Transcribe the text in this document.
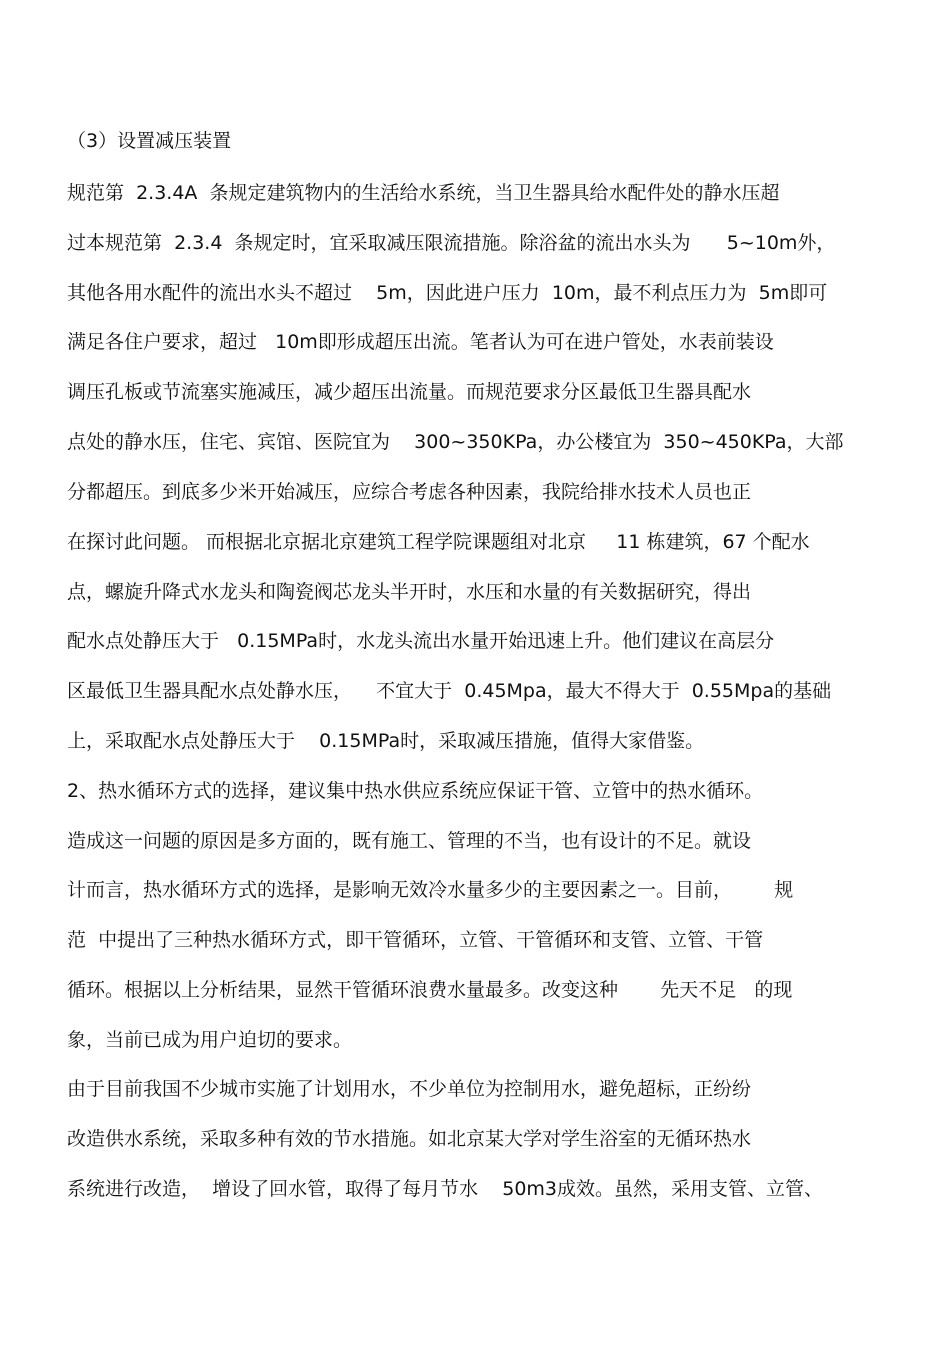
（3）设置减压装置
规范第  2.3.4A  条规定建筑物内的生活给水系统，当卫生器具给水配件处的静水压超
过本规范第  2.3.4  条规定时，宜采取减压限流措施。除浴盆的流出水头为      5~10m外，
其他各用水配件的流出水头不超过    5m，因此进户压力  10m，最不利点压力为  5m即可
满足各住户要求，超过   10m即形成超压出流。笔者认为可在进户管处，水表前装设
调压孔板或节流塞实施减压，减少超压出流量。而规范要求分区最低卫生器具配水
点处的静水压，住宅、宾馆、医院宜为    300~350KPa，办公楼宜为  350~450KPa，大部
分都超压。到底多少米开始减压，应综合考虑各种因素，我院给排水技术人员也正
在探讨此问题。 而根据北京据北京建筑工程学院课题组对北京     11 栋建筑，67 个配水
点，螺旋升降式水龙头和陶瓷阀芯龙头半开时，水压和水量的有关数据研究，得出
配水点处静压大于   0.15MPa时，水龙头流出水量开始迅速上升。他们建议在高层分
区最低卫生器具配水点处静水压，    不宜大于  0.45Mpa，最大不得大于  0.55Mpa的基础
上，采取配水点处静压大于    0.15MPa时，采取减压措施，值得大家借鉴。
2、热水循环方式的选择，建议集中热水供应系统应保证干管、立管中的热水循环。
造成这一问题的原因是多方面的，既有施工、管理的不当，也有设计的不足。就设
计而言，热水循环方式的选择，是影响无效冷水量多少的主要因素之一。目前，       规
范  中提出了三种热水循环方式，即干管循环，立管、干管循环和支管、立管、干管
循环。根据以上分析结果，显然干管循环浪费水量最多。改变这种       先天不足   的现
象，当前已成为用户迫切的要求。
由于目前我国不少城市实施了计划用水，不少单位为控制用水，避免超标，正纷纷
改造供水系统，采取多种有效的节水措施。如北京某大学对学生浴室的无循环热水
系统进行改造，  增设了回水管，取得了每月节水    50m3成效。虽然，采用支管、立管、
